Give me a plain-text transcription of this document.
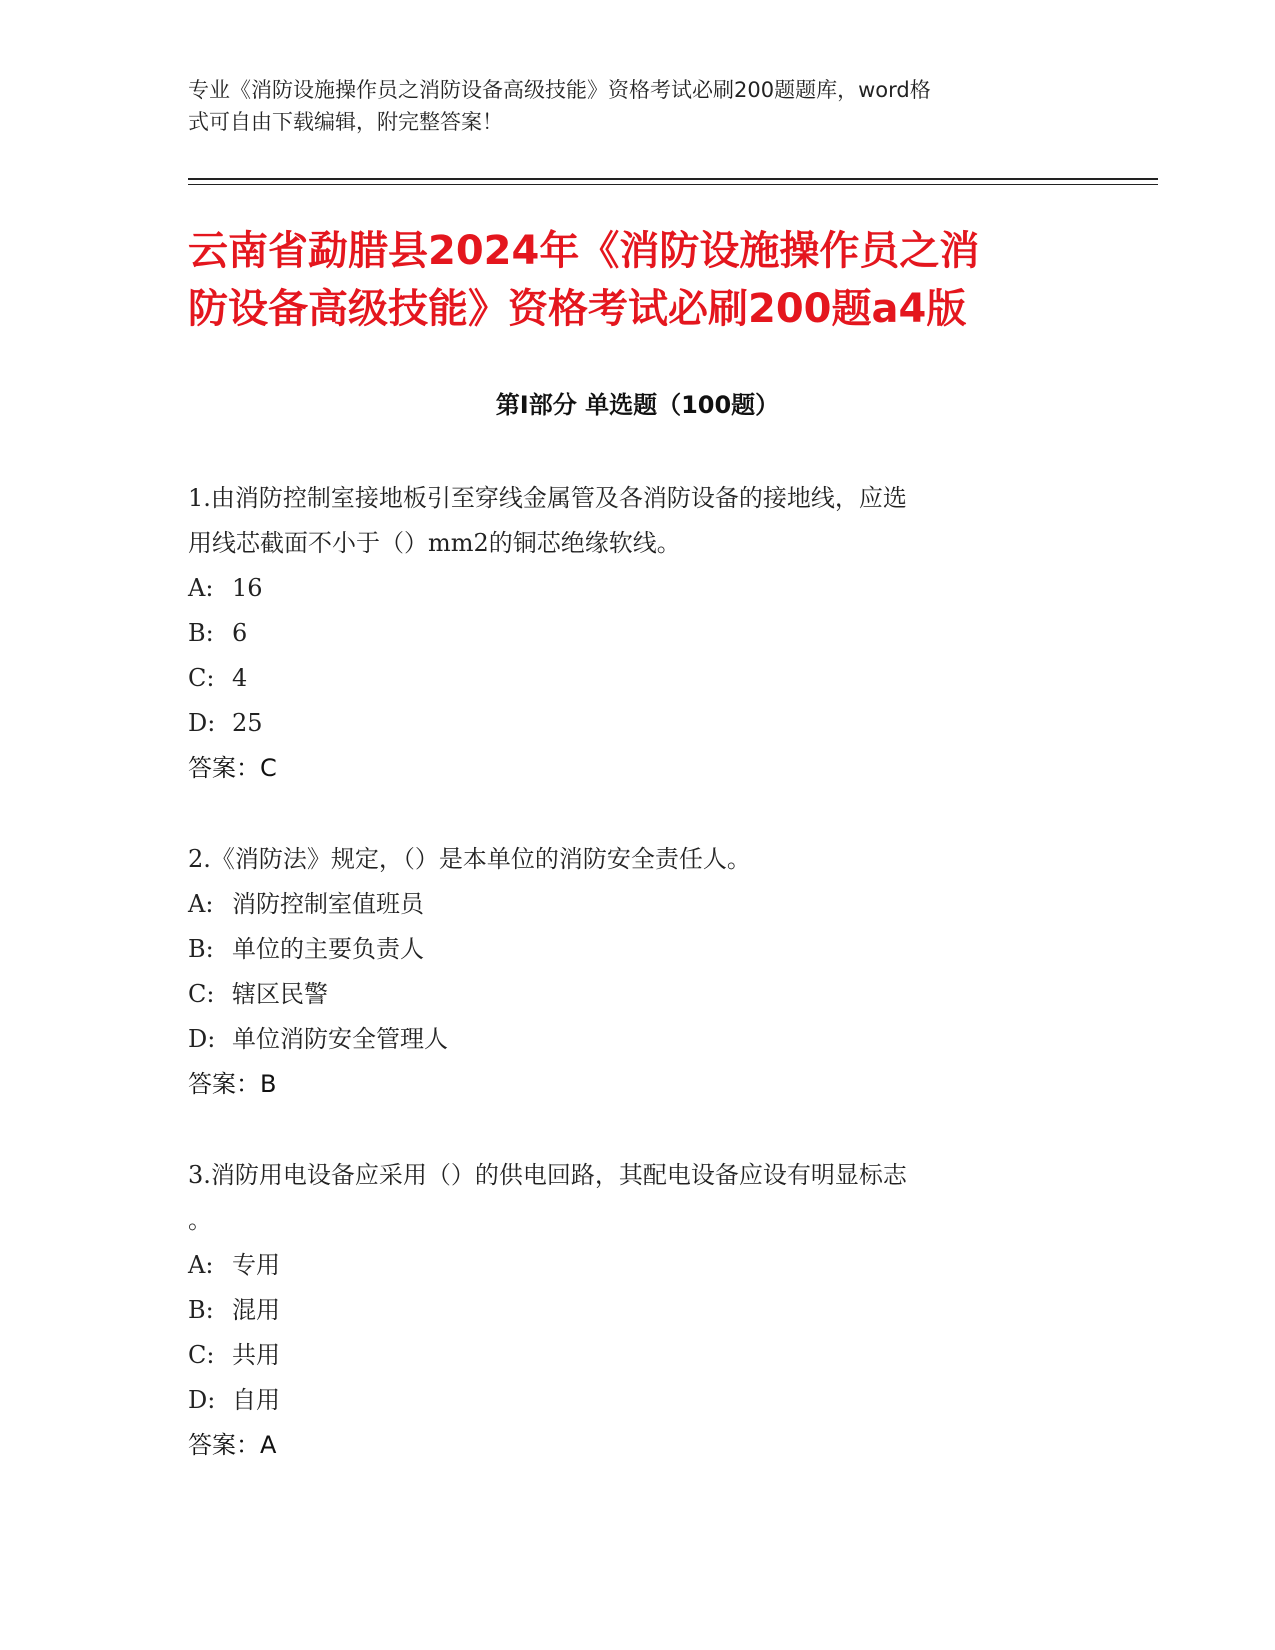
专业《消防设施操作员之消防设备高级技能》资格考试必刷200题题库，word格
式可自由下载编辑，附完整答案！
云南省勐腊县2024年《消防设施操作员之消
防设备高级技能》资格考试必刷200题a4版
第Ⅰ部分 单选题（100题）
1.由消防控制室接地板引至穿线金属管及各消防设备的接地线，应选
用线芯截面不小于（）mm2的铜芯绝缘软线。
A: 16
B: 6
C: 4
D: 25
答案：C
2.《消防法》规定，（）是本单位的消防安全责任人。
A: 消防控制室值班员
B: 单位的主要负责人
C: 辖区民警
D: 单位消防安全管理人
答案：B
3.消防用电设备应采用（）的供电回路，其配电设备应设有明显标志
。
A: 专用
B: 混用
C: 共用
D: 自用
答案：A
